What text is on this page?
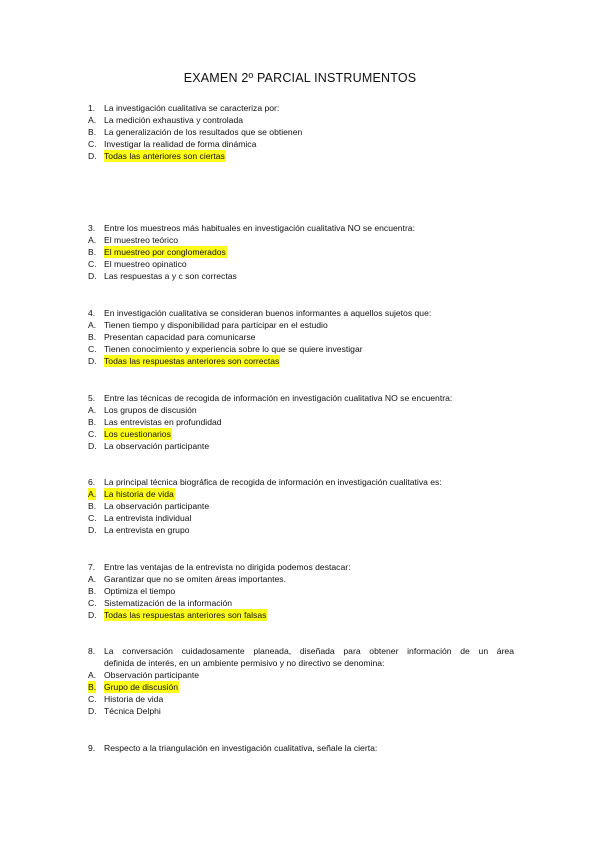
EXAMEN 2º PARCIAL INSTRUMENTOS
1. La investigación cualitativa se caracteriza por:
A. La medición exhaustiva y controlada
B. La generalización de los resultados que se obtienen
C. Investigar la realidad de forma dinámica
D. Todas las anteriores son ciertas
3. Entre los muestreos más habituales en investigación cualitativa NO se encuentra:
A. El muestreo teórico
B. El muestreo por conglomerados
C. El muestreo opinatico
D. Las respuestas a y c son correctas
4. En investigación cualitativa se consideran buenos informantes a aquellos sujetos que:
A. Tienen tiempo y disponibilidad para participar en el estudio
B. Presentan capacidad para comunicarse
C. Tienen conocimiento y experiencia sobre lo que se quiere investigar
D. Todas las respuestas anteriores son correctas
5. Entre las técnicas de recogida de información en investigación cualitativa NO se encuentra:
A. Los grupos de discusión
B. Las entrevistas en profundidad
C. Los cuestionarios
D. La observación participante
6. La principal técnica biográfica de recogida de información en investigación cualitativa es:
A. La historia de vida
B. La observación participante
C. La entrevista individual
D. La entrevista en grupo
7. Entre las ventajas de la entrevista no dirigida podemos destacar:
A. Garantizar que no se omiten áreas importantes.
B. Optimiza el tiempo
C. Sistematización de la información
D. Todas las respuestas anteriores son falsas
8. La conversación cuidadosamente planeada, diseñada para obtener información de un área
definida de interés, en un ambiente permisivo y no directivo se denomina:
A. Observación participante
B. Grupo de discusión
C. Historia de vida
D. Técnica Delphi
9. Respecto a la triangulación en investigación cualitativa, señale la cierta:
